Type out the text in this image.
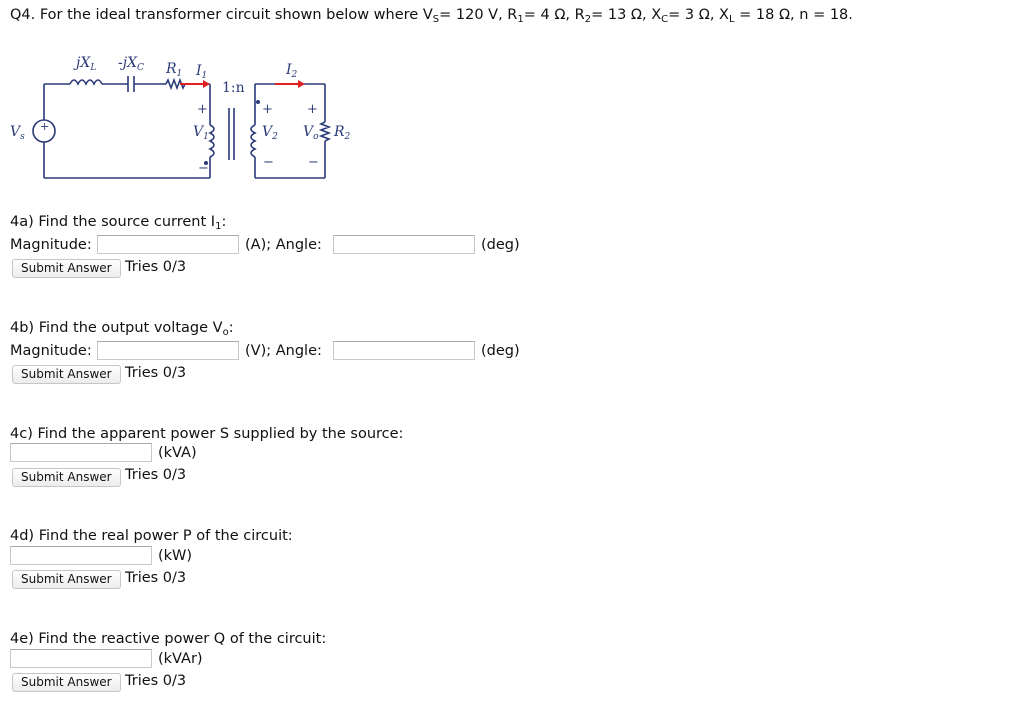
Q4. For the ideal transformer circuit shown below where $V_S= 120$ V, $R_1= 4$ Ω, $R_2= 13$ Ω, $X_C= 3$ Ω, $X_L = 18$ Ω, n = 18.
+
$jX_L$ $-jX_C$ $R_1$ $I_1$
1:n
$I_2$
$V_s$	$V_1$	$V_2$ $V_o$ $R_2$
+
−
+
−
+
−
4a) Find the source current $I_1$:
Magnitude:	(A); Angle:	(deg)
Submit Answer Tries 0/3
4b) Find the output voltage $V_o$:
Magnitude:	(V); Angle:	(deg)
Submit Answer Tries 0/3
4c) Find the apparent power S supplied by the source:
(kVA)
Submit Answer Tries 0/3
4d) Find the real power P of the circuit:
(kW)
Submit Answer Tries 0/3
4e) Find the reactive power Q of the circuit:
(kVAr)
Submit Answer Tries 0/3
